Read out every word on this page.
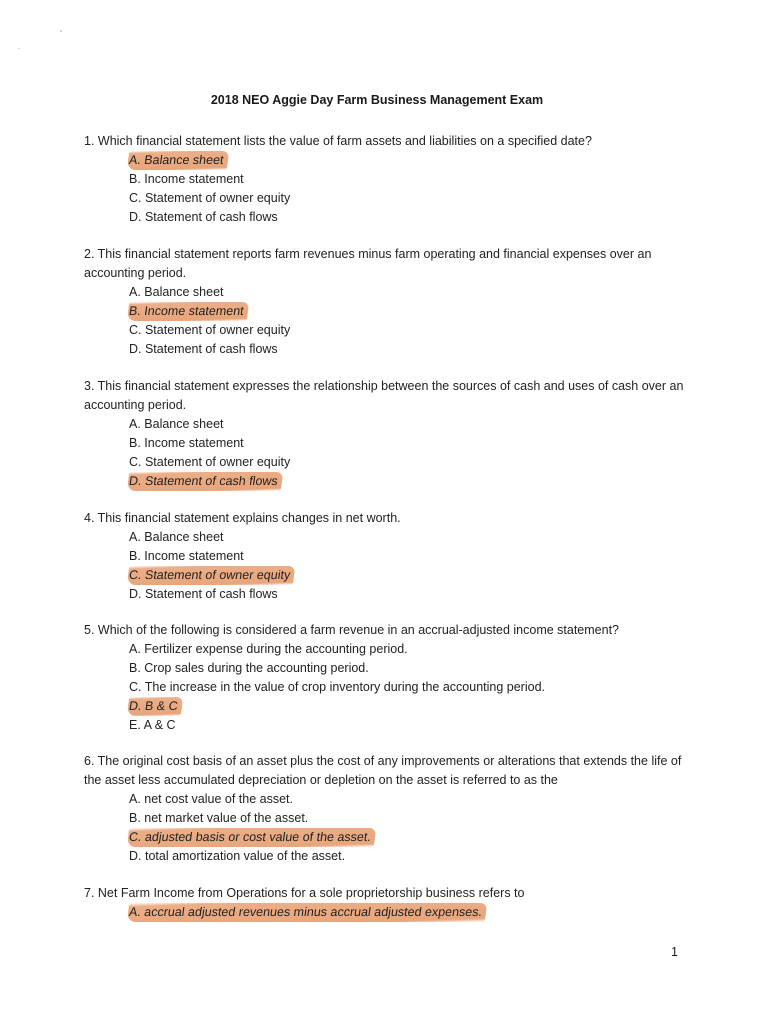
2018 NEO Aggie Day Farm Business Management Exam

1. Which financial statement lists the value of farm assets and liabilities on a specified date?

A. Balance sheet

B. Income statement

C. Statement of owner equity

D. Statement of cash flows

2. This financial statement reports farm revenues minus farm operating and financial expenses over an accounting period.

A. Balance sheet

B. Income statement

C. Statement of owner equity

D. Statement of cash flows

3. This financial statement expresses the relationship between the sources of cash and uses of cash over an accounting period.

A. Balance sheet

B. Income statement

C. Statement of owner equity

D. Statement of cash flows

4. This financial statement explains changes in net worth.

A. Balance sheet

B. Income statement

C. Statement of owner equity

D. Statement of cash flows

5. Which of the following is considered a farm revenue in an accrual-adjusted income statement?

A. Fertilizer expense during the accounting period.

B. Crop sales during the accounting period.

C. The increase in the value of crop inventory during the accounting period.

D. B & C

E. A & C

6. The original cost basis of an asset plus the cost of any improvements or alterations that extends the life of the asset less accumulated depreciation or depletion on the asset is referred to as the

A. net cost value of the asset.

B. net market value of the asset.

C. adjusted basis or cost value of the asset.

D. total amortization value of the asset.

7. Net Farm Income from Operations for a sole proprietorship business refers to

A. accrual adjusted revenues minus accrual adjusted expenses.

1
